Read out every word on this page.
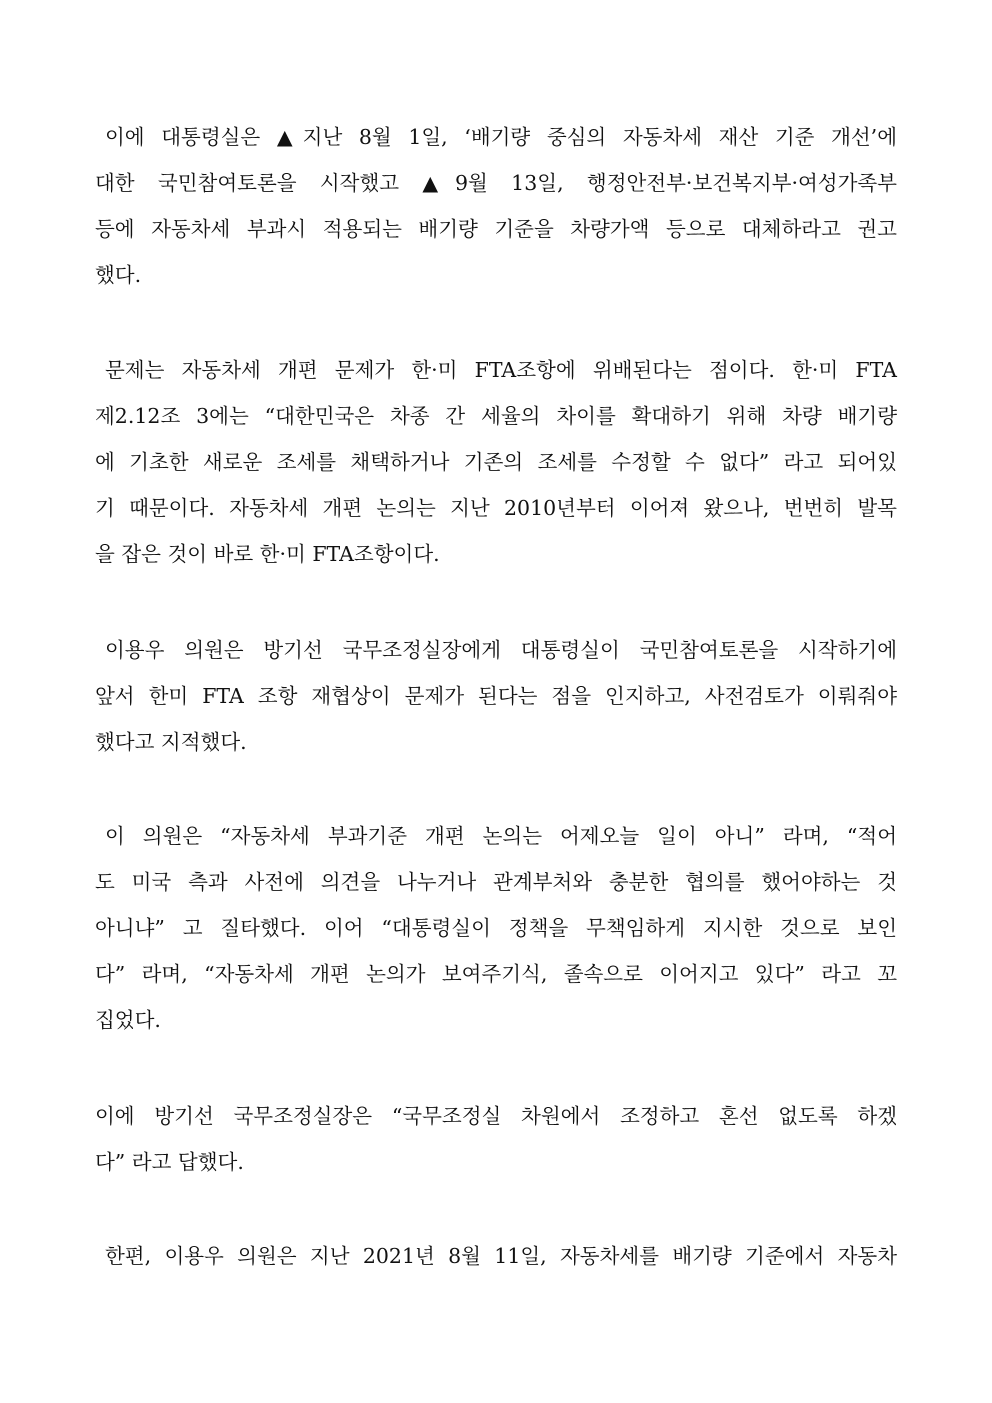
이에 대통령실은 ▲지난 8월 1일, ‘배기량 중심의 자동차세 재산 기준 개선’에
대한 국민참여토론을 시작했고 ▲9월 13일, 행정안전부·보건복지부·여성가족부
등에 자동차세 부과시 적용되는 배기량 기준을 차량가액 등으로 대체하라고 권고
했다.
문제는 자동차세 개편 문제가 한·미 FTA조항에 위배된다는 점이다. 한·미 FTA
제2.12조 3에는 “대한민국은 차종 간 세율의 차이를 확대하기 위해 차량 배기량
에 기초한 새로운 조세를 채택하거나 기존의 조세를 수정할 수 없다” 라고 되어있
기 때문이다. 자동차세 개편 논의는 지난 2010년부터 이어져 왔으나, 번번히 발목
을 잡은 것이 바로 한·미 FTA조항이다.
이용우 의원은 방기선 국무조정실장에게 대통령실이 국민참여토론을 시작하기에
앞서 한미 FTA 조항 재협상이 문제가 된다는 점을 인지하고, 사전검토가 이뤄줘야
했다고 지적했다.
이 의원은 “자동차세 부과기준 개편 논의는 어제오늘 일이 아니” 라며, “적어
도 미국 측과 사전에 의견을 나누거나 관계부처와 충분한 협의를 했어야하는 것
아니냐” 고 질타했다. 이어 “대통령실이 정책을 무책임하게 지시한 것으로 보인
다” 라며, “자동차세 개편 논의가 보여주기식, 졸속으로 이어지고 있다” 라고 꼬
집었다.
이에 방기선 국무조정실장은 “국무조정실 차원에서 조정하고 혼선 없도록 하겠
다” 라고 답했다.
한편, 이용우 의원은 지난 2021년 8월 11일, 자동차세를 배기량 기준에서 자동차
